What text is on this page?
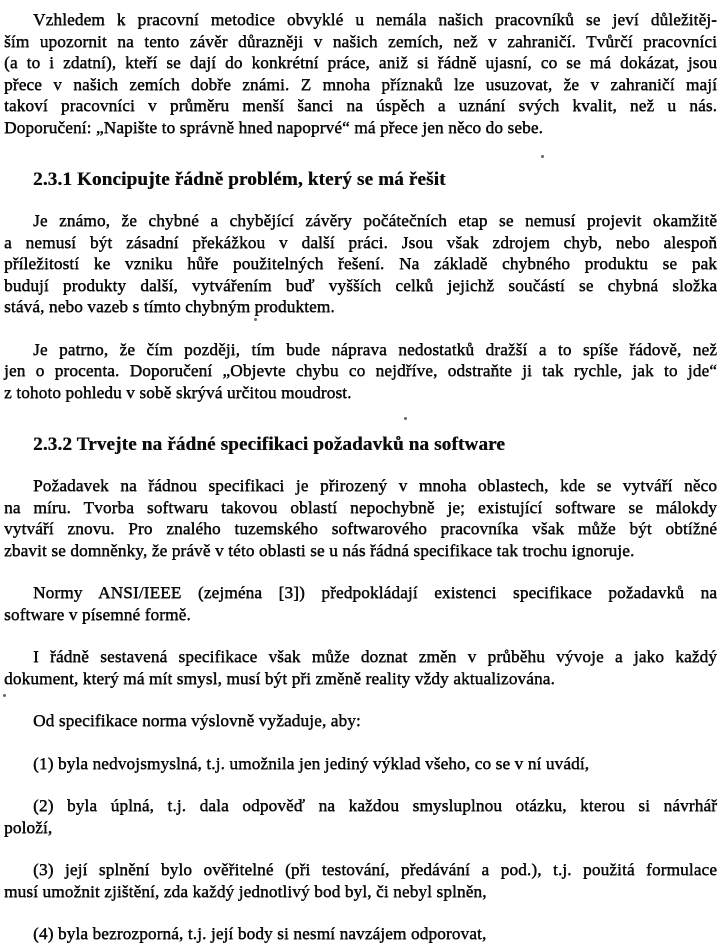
Vzhledem k pracovní metodice obvyklé u nemála našich pracovníků se jeví důležitěj-
ším upozornit na tento závěr důrazněji v našich zemích, než v zahraničí. Tvůrčí pracovníci
(a to i zdatní), kteří se dají do konkrétní práce, aniž si řádně ujasní, co se má dokázat, jsou
přece v našich zemích dobře známi. Z mnoha příznaků lze usuzovat, že v zahraničí mají
takoví pracovníci v průměru menší šanci na úspěch a uznání svých kvalit, než u nás.
Doporučení: „Napište to správně hned napoprvé“ má přece jen něco do sebe.
2.3.1 Koncipujte řádně problém, který se má řešit
Je známo, že chybné a chybějící závěry počátečních etap se nemusí projevit okamžitě
a nemusí být zásadní překážkou v další práci. Jsou však zdrojem chyb, nebo alespoň
příležitostí ke vzniku hůře použitelných řešení. Na základě chybného produktu se pak
budují produkty další, vytvářením buď vyšších celků jejichž součástí se chybná složka
stává, nebo vazeb s tímto chybným produktem.
Je patrno, že čím později, tím bude náprava nedostatků dražší a to spíše řádově, než
jen o procenta. Doporučení „Objevte chybu co nejdříve, odstraňte ji tak rychle, jak to jde“
z tohoto pohledu v sobě skrývá určitou moudrost.
2.3.2 Trvejte na řádné specifikaci požadavků na software
Požadavek na řádnou specifikaci je přirozený v mnoha oblastech, kde se vytváří něco
na míru. Tvorba softwaru takovou oblastí nepochybně je; existující software se málokdy
vytváří znovu. Pro znalého tuzemského softwarového pracovníka však může být obtížné
zbavit se domněnky, že právě v této oblasti se u nás řádná specifikace tak trochu ignoruje.
Normy ANSI/IEEE (zejména [3]) předpokládají existenci specifikace požadavků na
software v písemné formě.
I řádně sestavená specifikace však může doznat změn v průběhu vývoje a jako každý
dokument, který má mít smysl, musí být při změně reality vždy aktualizována.
Od specifikace norma výslovně vyžaduje, aby:
(1) byla nedvojsmyslná, t.j. umožnila jen jediný výklad všeho, co se v ní uvádí,
(2) byla úplná, t.j. dala odpověď na každou smysluplnou otázku, kterou si návrhář
položí,
(3) její splnění bylo ověřitelné (při testování, předávání a pod.), t.j. použitá formulace
musí umožnit zjištění, zda každý jednotlivý bod byl, či nebyl splněn,
(4) byla bezrozporná, t.j. její body si nesmí navzájem odporovat,
